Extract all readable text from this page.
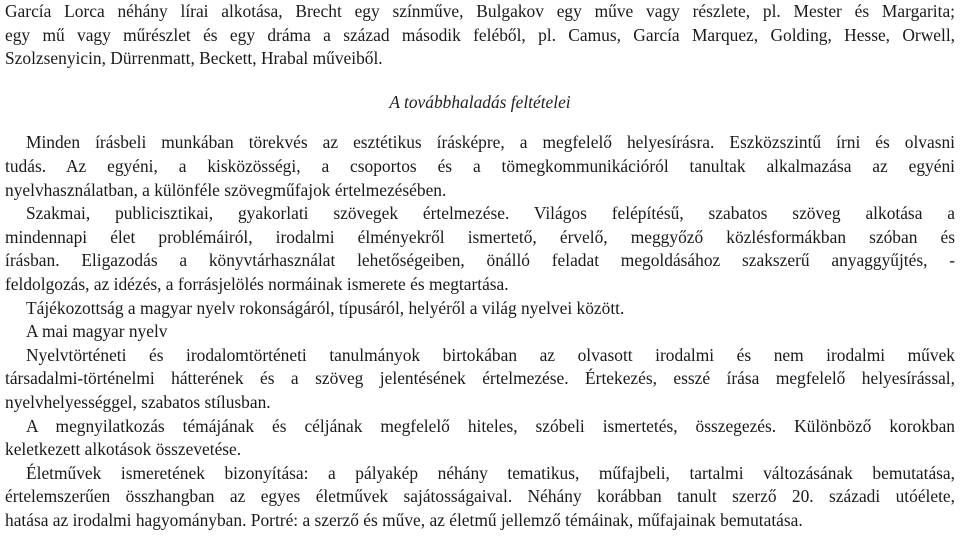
García Lorca néhány lírai alkotása, Brecht egy színműve, Bulgakov egy műve vagy részlete, pl. Mester és Margarita;
egy mű vagy műrészlet és egy dráma a század második feléből, pl. Camus, García Marquez, Golding, Hesse, Orwell,
Szolzsenyicin, Dürrenmatt, Beckett, Hrabal műveiből.

A továbbhaladás feltételei

Minden írásbeli munkában törekvés az esztétikus írásképre, a megfelelő helyesírásra. Eszközszintű írni és olvasni
tudás. Az egyéni, a kisközösségi, a csoportos és a tömegkommunikációról tanultak alkalmazása az egyéni
nyelvhasználatban, a különféle szövegműfajok értelmezésében.

Szakmai, publicisztikai, gyakorlati szövegek értelmezése. Világos felépítésű, szabatos szöveg alkotása a
mindennapi élet problémáiról, irodalmi élményekről ismertető, érvelő, meggyőző közlésformákban szóban és
írásban. Eligazodás a könyvtárhasználat lehetőségeiben, önálló feladat megoldásához szakszerű anyaggyűjtés, -
feldolgozás, az idézés, a forrásjelölés normáinak ismerete és megtartása.

Tájékozottság a magyar nyelv rokonságáról, típusáról, helyéről a világ nyelvei között.

A mai magyar nyelv

Nyelvtörténeti és irodalomtörténeti tanulmányok birtokában az olvasott irodalmi és nem irodalmi művek
társadalmi-történelmi hátterének és a szöveg jelentésének értelmezése. Értekezés, esszé írása megfelelő helyesírással,
nyelvhelyességgel, szabatos stílusban.

A megnyilatkozás témájának és céljának megfelelő hiteles, szóbeli ismertetés, összegezés. Különböző korokban
keletkezett alkotások összevetése.

Életművek ismeretének bizonyítása: a pályakép néhány tematikus, műfajbeli, tartalmi változásának bemutatása,
értelemszerűen összhangban az egyes életművek sajátosságaival. Néhány korábban tanult szerző 20. századi utóélete,
hatása az irodalmi hagyományban. Portré: a szerző és műve, az életmű jellemző témáinak, műfajainak bemutatása.
